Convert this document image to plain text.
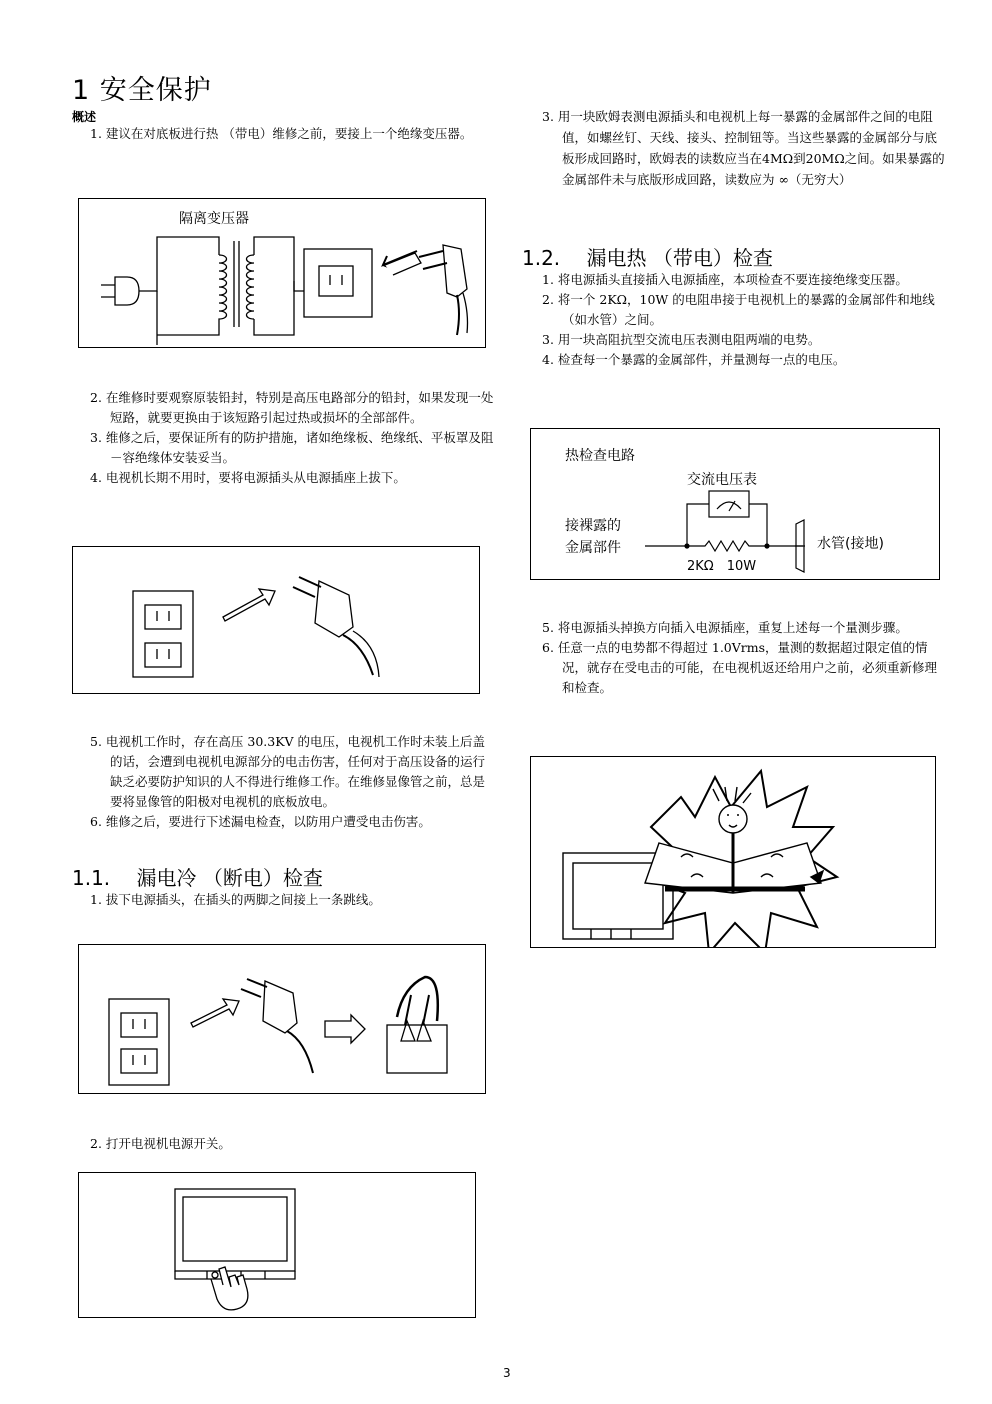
1 安全保护
概述
1. 建议在对底板进行热 （带电）维修之前，要接上一个绝缘变压器。
隔离变压器
2. 在维修时要观察原装铅封，特别是高压电路部分的铅封，如果发现一处短路，就要更换由于该短路引起过热或损坏的全部部件。
3. 维修之后，要保证所有的防护措施，诸如绝缘板、绝缘纸、平板罩及阻－容绝缘体安装妥当。
4. 电视机长期不用时，要将电源插头从电源插座上拔下。
5. 电视机工作时，存在高压 30.3KV 的电压，电视机工作时未装上后盖的话，会遭到电视机电源部分的电击伤害，任何对于高压设备的运行缺乏必要防护知识的人不得进行维修工作。在维修显像管之前，总是要将显像管的阳极对电视机的底板放电。
6. 维修之后，要进行下述漏电检查，以防用户遭受电击伤害。
1.1.　 漏电冷 （断电）检查
1. 拔下电源插头，在插头的两脚之间接上一条跳线。
2. 打开电视机电源开关。
3. 用一块欧姆表测电源插头和电视机上每一暴露的金属部件之间的电阻值，如螺丝钉、天线、接头、控制钮等。当这些暴露的金属部分与底板形成回路时，欧姆表的读数应当在4MΩ到20MΩ之间。如果暴露的金属部件未与底版形成回路，读数应为 ∞（无穷大）
1.2.　 漏电热 （带电）检查
1. 将电源插头直接插入电源插座，本项检查不要连接绝缘变压器。
2. 将一个 2KΩ，10W 的电阻串接于电视机上的暴露的金属部件和地线 （如水管）之间。
3. 用一块高阻抗型交流电压表测电阻两端的电势。
4. 检查每一个暴露的金属部件，并量测每一点的电压。
热检查电路
交流电压表
接裸露的
金属部件
2KΩ　10W
水管(接地)
5. 将电源插头掉换方向插入电源插座，重复上述每一个量测步骤。
6. 任意一点的电势都不得超过 1.0Vrms，量测的数据超过限定值的情况，就存在受电击的可能，在电视机返还给用户之前，必须重新修理和检查。
3
